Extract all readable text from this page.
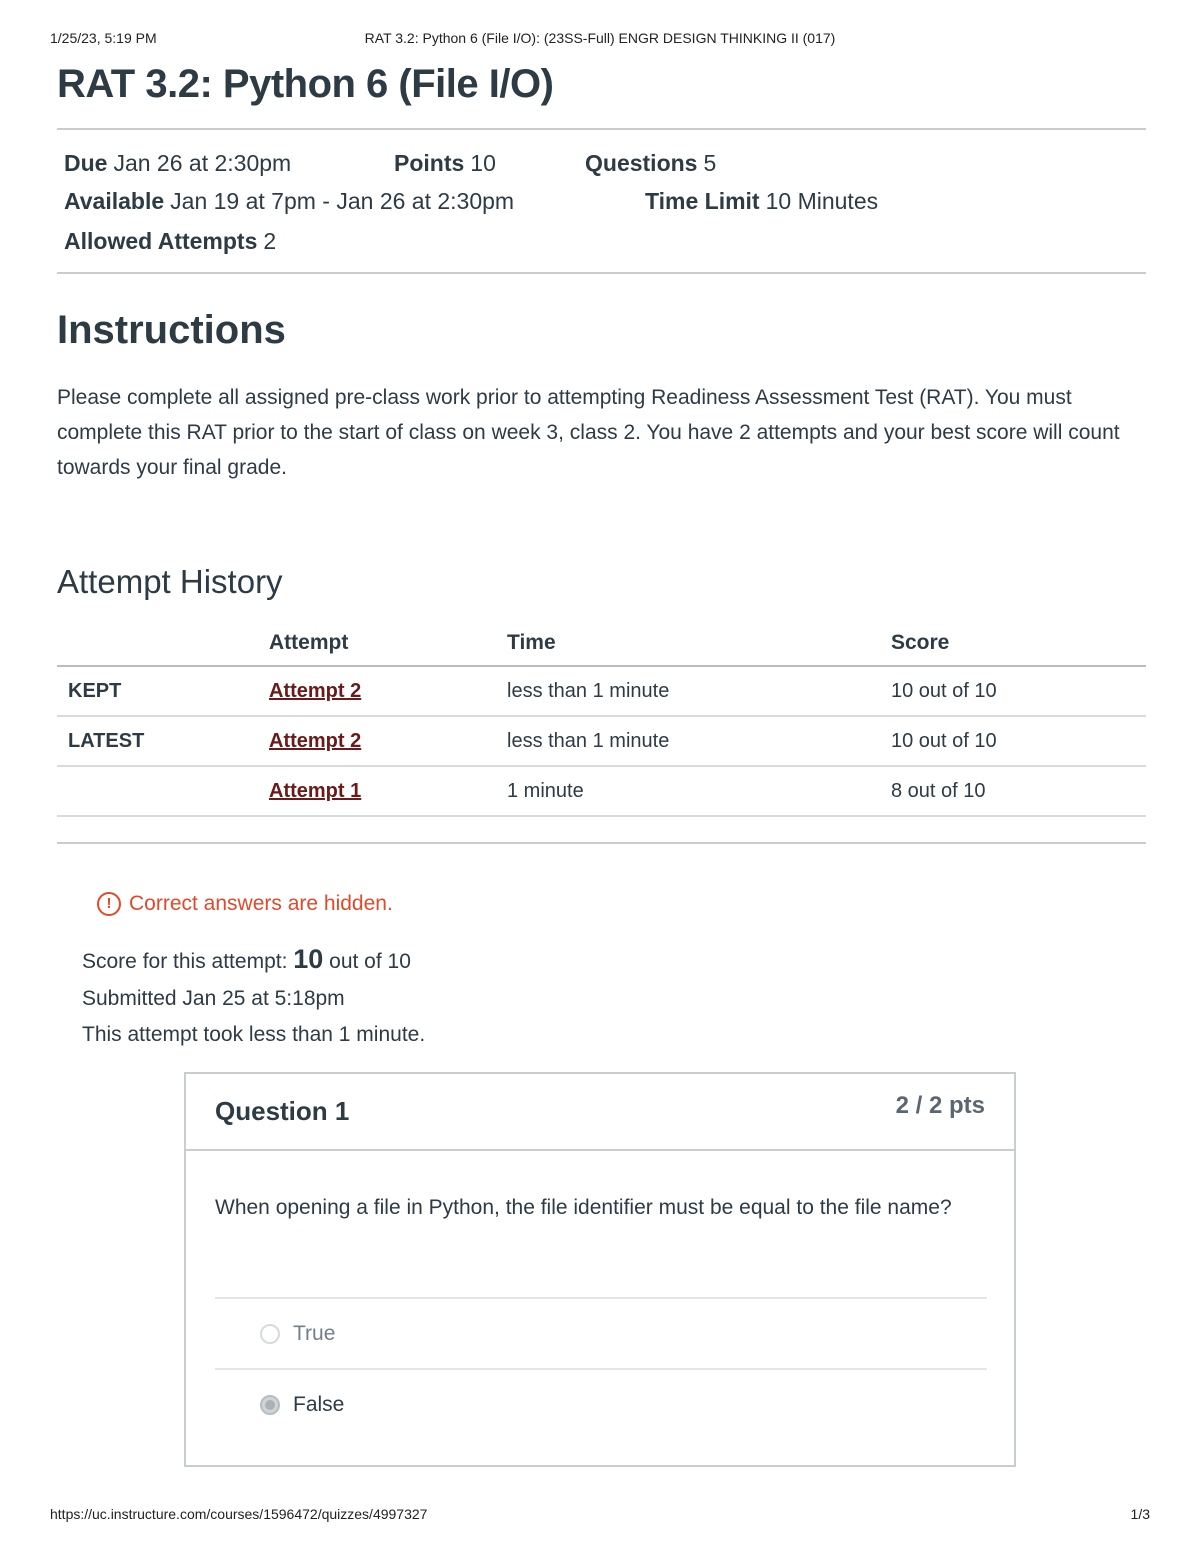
1/25/23, 5:19 PM	RAT 3.2: Python 6 (File I/O): (23SS-Full) ENGR DESIGN THINKING II (017)
RAT 3.2: Python 6 (File I/O)
Due Jan 26 at 2:30pm	Points 10	Questions 5
Available Jan 19 at 7pm - Jan 26 at 2:30pm	Time Limit 10 Minutes
Allowed Attempts 2
Instructions

Please complete all assigned pre-class work prior to attempting Readiness Assessment Test (RAT). You must complete this RAT prior to the start of class on week 3, class 2. You have 2 attempts and your best score will count towards your final grade.

Attempt History
	Attempt	Time	Score
KEPT	Attempt 2	less than 1 minute	10 out of 10
LATEST	Attempt 2	less than 1 minute	10 out of 10
	Attempt 1	1 minute	8 out of 10
! Correct answers are hidden.
Score for this attempt: 10 out of 10
Submitted Jan 25 at 5:18pm
This attempt took less than 1 minute.
Question 1	2 / 2 pts

When opening a file in Python, the file identifier must be equal to the file name?

True
False
https://uc.instructure.com/courses/1596472/quizzes/4997327	1/3
